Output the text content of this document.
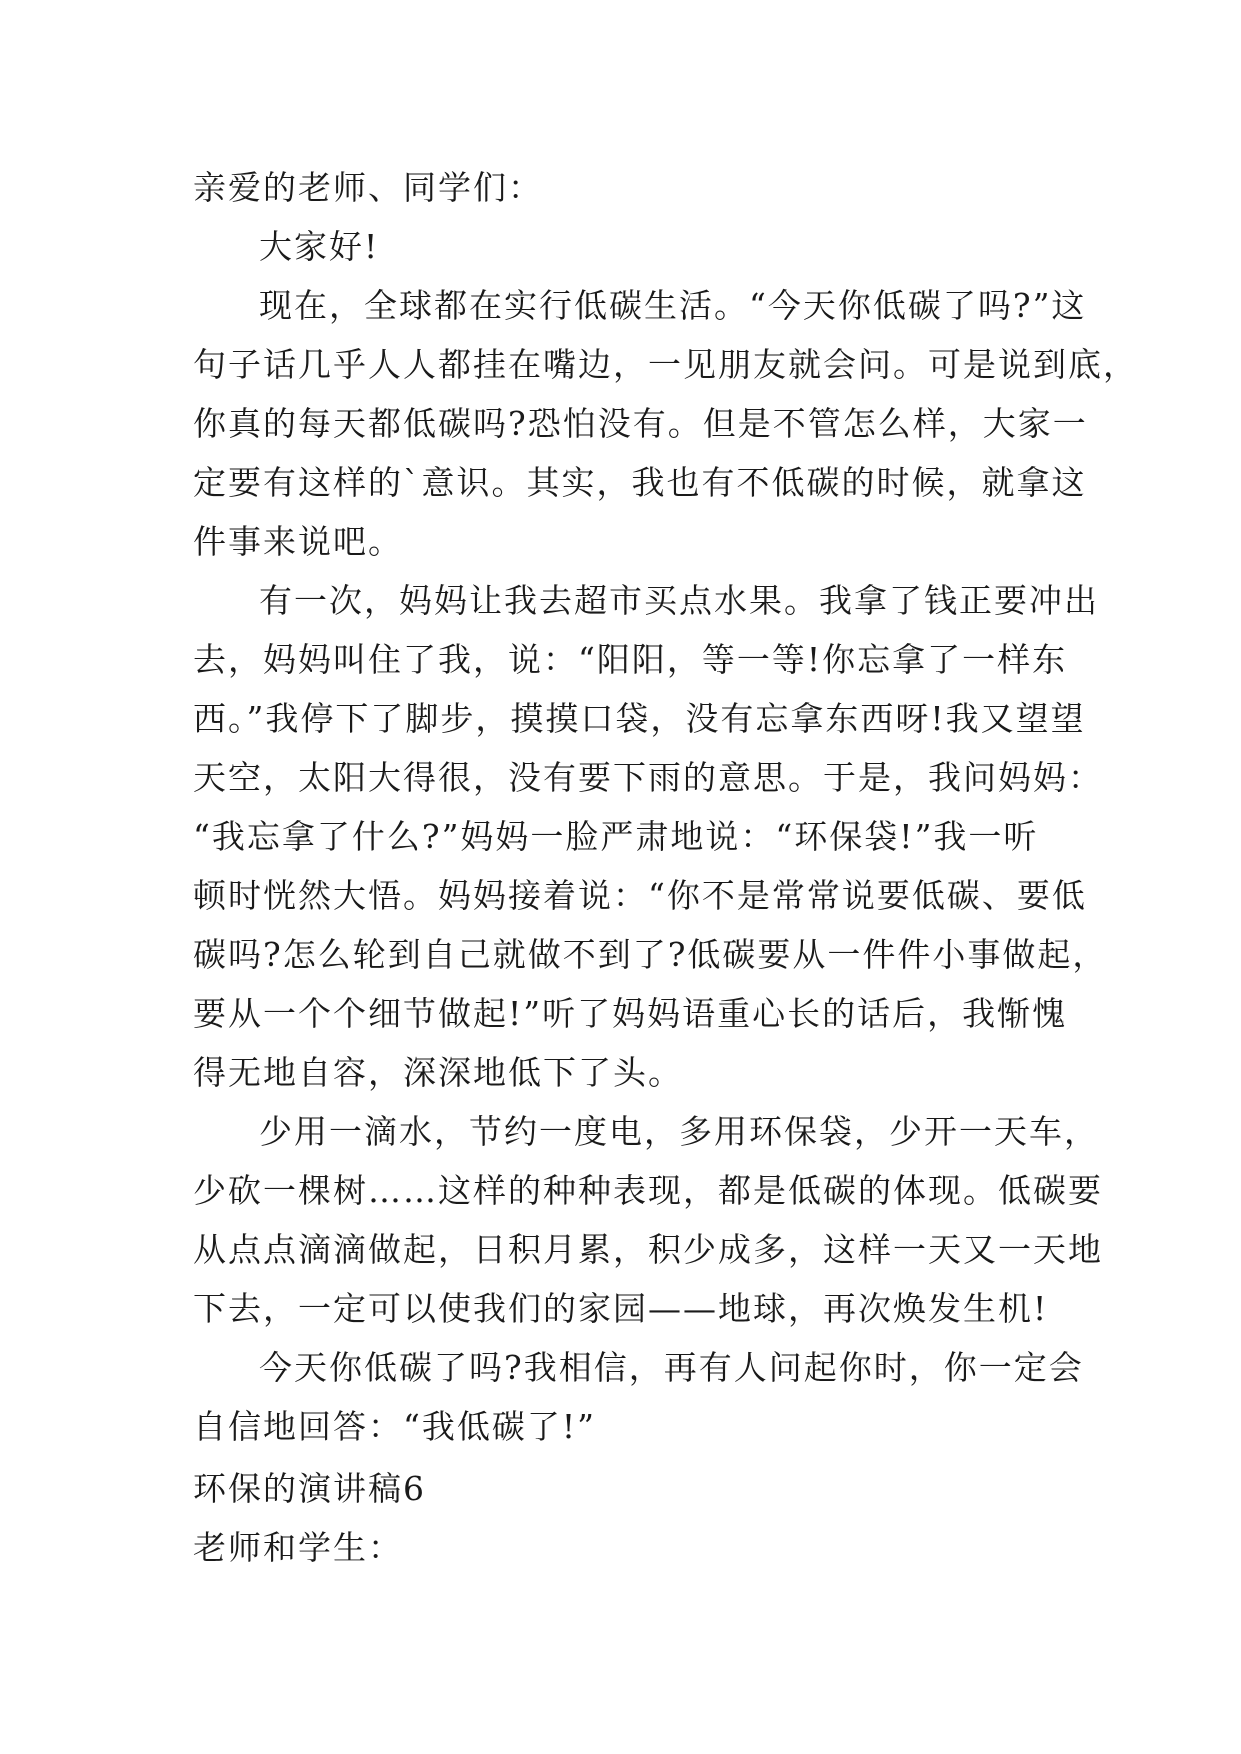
亲爱的老师、同学们：
大家好!
现在，全球都在实行低碳生活。“今天你低碳了吗?”这
句子话几乎人人都挂在嘴边，一见朋友就会问。可是说到底，
你真的每天都低碳吗?恐怕没有。但是不管怎么样，大家一
定要有这样的`意识。其实，我也有不低碳的时候，就拿这
件事来说吧。
有一次，妈妈让我去超市买点水果。我拿了钱正要冲出
去，妈妈叫住了我，说：“阳阳，等一等!你忘拿了一样东
西。”我停下了脚步，摸摸口袋，没有忘拿东西呀!我又望望
天空，太阳大得很，没有要下雨的意思。于是，我问妈妈：
“我忘拿了什么?”妈妈一脸严肃地说：“环保袋!”我一听
顿时恍然大悟。妈妈接着说：“你不是常常说要低碳、要低
碳吗?怎么轮到自己就做不到了?低碳要从一件件小事做起，
要从一个个细节做起!”听了妈妈语重心长的话后，我惭愧
得无地自容，深深地低下了头。
少用一滴水，节约一度电，多用环保袋，少开一天车，
少砍一棵树……这样的种种表现，都是低碳的体现。低碳要
从点点滴滴做起，日积月累，积少成多，这样一天又一天地
下去，一定可以使我们的家园——地球，再次焕发生机!
今天你低碳了吗?我相信，再有人问起你时，你一定会
自信地回答：“我低碳了!”
环保的演讲稿6
老师和学生：
